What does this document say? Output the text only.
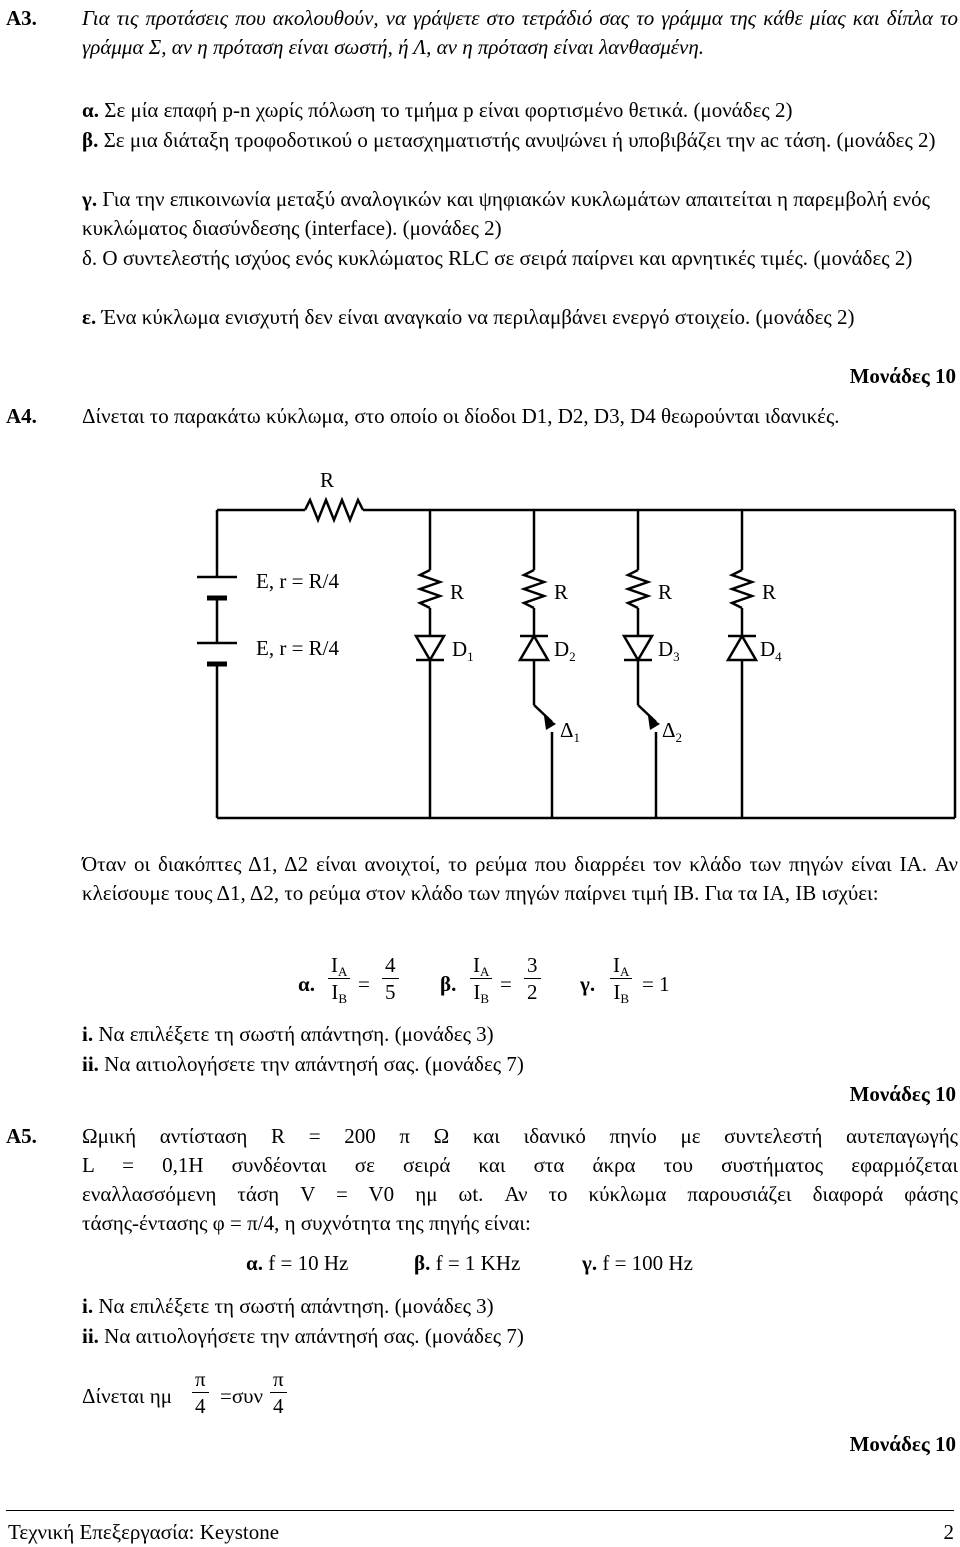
A3. Για τις προτάσεις που ακολουθούν, να γράψετε στο τετράδιό σας το γράμμα της κάθε μίας και δίπλα το γράμμα Σ, αν η πρόταση είναι σωστή, ή Λ, αν η πρόταση είναι λανθασμένη.
α. Σε μία επαφή p-n χωρίς πόλωση το τμήμα p είναι φορτισμένο θετικά. (μονάδες 2)
β. Σε μια διάταξη τροφοδοτικού ο μετασχηματιστής ανυψώνει ή υποβιβάζει την ac τάση. (μονάδες 2)
γ. Για την επικοινωνία μεταξύ αναλογικών και ψηφιακών κυκλωμάτων απαιτείται η παρεμβολή ενός κυκλώματος διασύνδεσης (interface). (μονάδες 2)
δ. Ο συντελεστής ισχύος ενός κυκλώματος RLC σε σειρά παίρνει και αρνητικές τιμές. (μονάδες 2)
ε. Ένα κύκλωμα ενισχυτή δεν είναι αναγκαίο να περιλαμβάνει ενεργό στοιχείο. (μονάδες 2)
Μονάδες 10
A4. Δίνεται το παρακάτω κύκλωμα, στο οποίο οι δίοδοι D1, D2, D3, D4 θεωρούνται ιδανικές.
R
E, r = R/4
E, r = R/4
R	R	R	R
$D_1$	$D_2$	$D_3$	$D_4$
$\Delta_1$	$\Delta_2$
Όταν οι διακόπτες Δ1, Δ2 είναι ανοιχτοί, το ρεύμα που διαρρέει τον κλάδο των πηγών είναι IA. Αν κλείσουμε τους Δ1, Δ2, το ρεύμα στον κλάδο των πηγών παίρνει τιμή IB. Για τα IA, IB ισχύει:
α. $\frac{I_A}{I_B} = \frac{4}{5} \beta$. $\frac{I_A}{I_B} = \frac{3}{2} \gamma$. $\frac{I_A}{I_B} = 1$
i. Να επιλέξετε τη σωστή απάντηση. (μονάδες 3)
ii. Να αιτιολογήσετε την απάντησή σας. (μονάδες 7)
Μονάδες 10
A5. Ωμική αντίσταση R = 200 π Ω και ιδανικό πηνίο με συντελεστή αυτεπαγωγής
L = 0,1H συνδέονται σε σειρά και στα άκρα του συστήματος εφαρμόζεται
εναλλασσόμενη τάση V = V0 ημ ωt. Αν το κύκλωμα παρουσιάζει διαφορά φάσης
τάσης-έντασης φ = π/4, η συχνότητα της πηγής είναι:
α. f = 10 Hz	β. f = 1 KHz	γ. f = 100 Hz
i. Να επιλέξετε τη σωστή απάντηση. (μονάδες 3)
ii. Να αιτιολογήσετε την απάντησή σας. (μονάδες 7)
Δίνεται ημ $\frac{\pi}{4} =\sigma\upsilon\nu \frac{\pi}{4}$
Μονάδες 10
Τεχνική Επεξεργασία: Keystone	2
